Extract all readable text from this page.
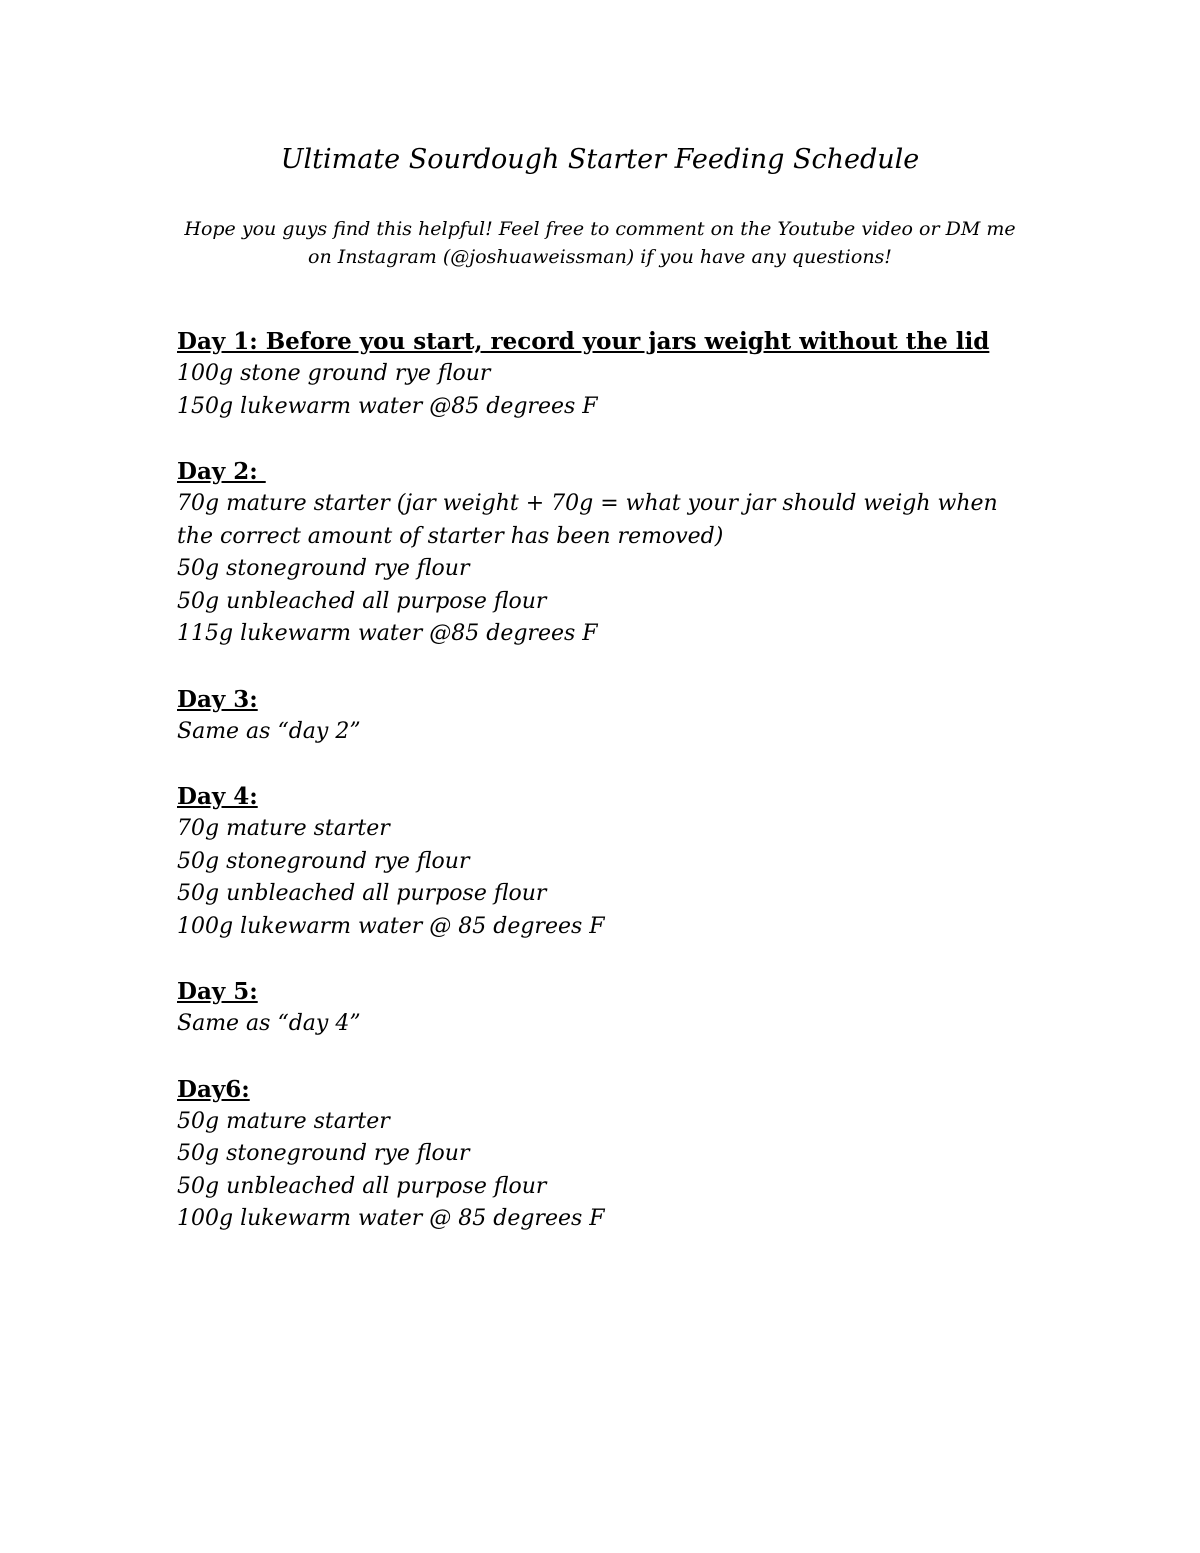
Ultimate Sourdough Starter Feeding Schedule
Hope you guys find this helpful! Feel free to comment on the Youtube video or DM me
on Instagram (@joshuaweissman) if you have any questions!
Day 1: Before you start, record your jars weight without the lid
100g stone ground rye flour
150g lukewarm water @85 degrees F
Day 2:
70g mature starter (jar weight + 70g = what your jar should weigh when
the correct amount of starter has been removed)
50g stoneground rye flour
50g unbleached all purpose flour
115g lukewarm water @85 degrees F
Day 3:
Same as “day 2”
Day 4:
70g mature starter
50g stoneground rye flour
50g unbleached all purpose flour
100g lukewarm water @ 85 degrees F
Day 5:
Same as “day 4”
Day6:
50g mature starter
50g stoneground rye flour
50g unbleached all purpose flour
100g lukewarm water @ 85 degrees F
